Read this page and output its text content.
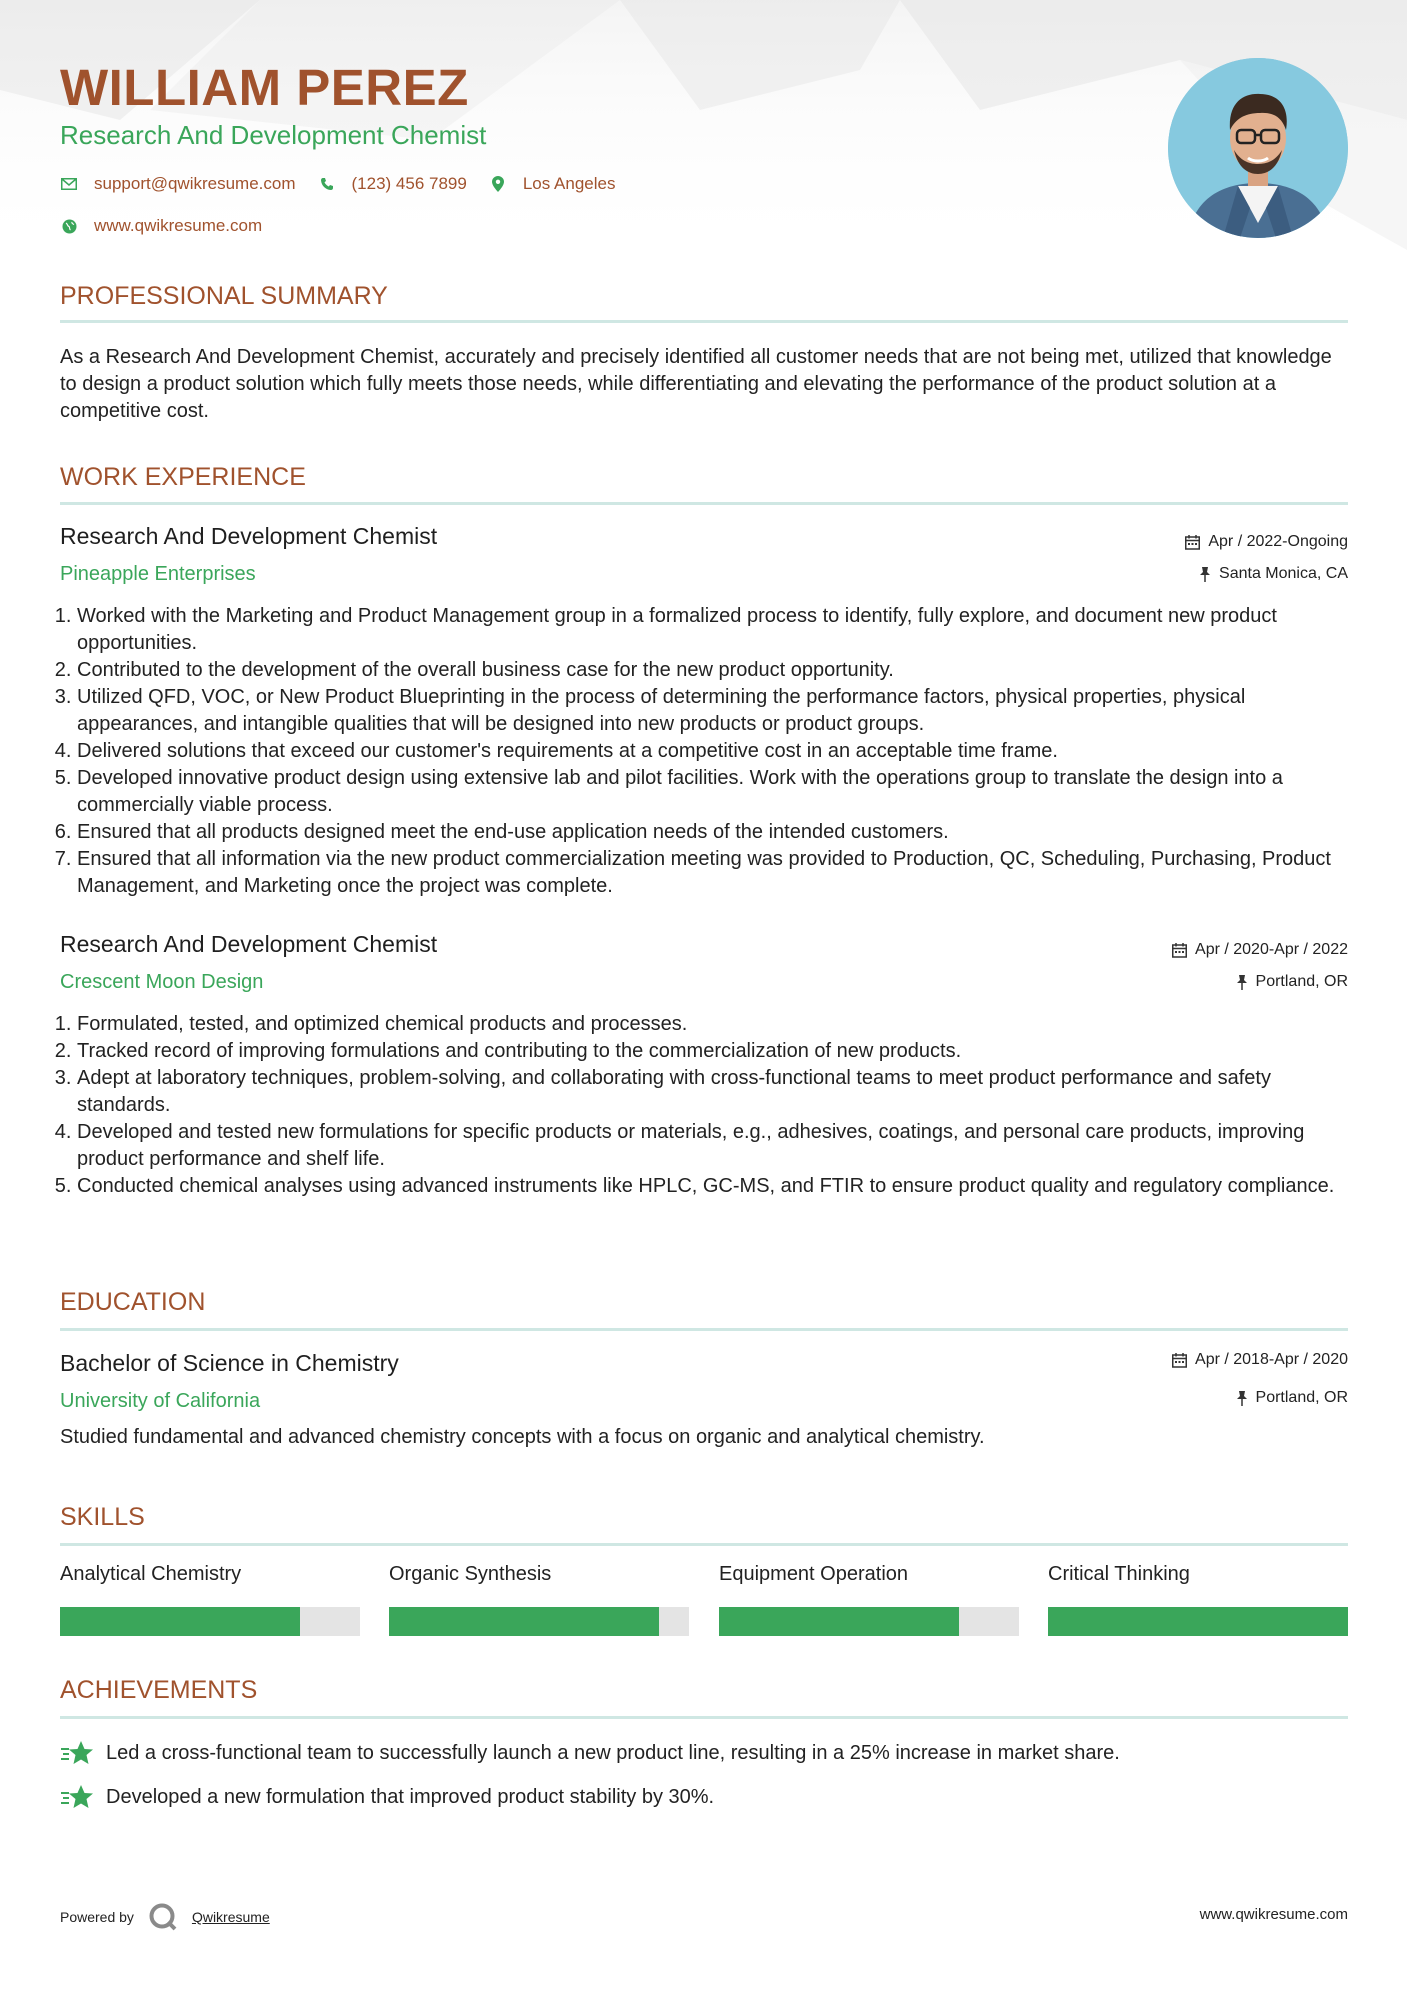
WILLIAM PEREZ
Research And Development Chemist
support@qwikresume.com	(123) 456 7899	Los Angeles
www.qwikresume.com
PROFESSIONAL SUMMARY

As a Research And Development Chemist, accurately and precisely identified all customer needs that are not being met, utilized that knowledge to design a product solution which fully meets those needs, while differentiating and elevating the performance of the product solution at a competitive cost.

WORK EXPERIENCE
Research And Development Chemist
Pineapple Enterprises
Apr / 2022-Ongoing
Santa Monica, CA
1. Worked with the Marketing and Product Management group in a formalized process to identify, fully explore, and document new product opportunities.
2. Contributed to the development of the overall business case for the new product opportunity.
3. Utilized QFD, VOC, or New Product Blueprinting in the process of determining the performance factors, physical properties, physical appearances, and intangible qualities that will be designed into new products or product groups.
4. Delivered solutions that exceed our customer's requirements at a competitive cost in an acceptable time frame.
5. Developed innovative product design using extensive lab and pilot facilities. Work with the operations group to translate the design into a commercially viable process.
6. Ensured that all products designed meet the end-use application needs of the intended customers.
7. Ensured that all information via the new product commercialization meeting was provided to Production, QC, Scheduling, Purchasing, Product Management, and Marketing once the project was complete.
Research And Development Chemist
Crescent Moon Design
Apr / 2020-Apr / 2022
Portland, OR
1. Formulated, tested, and optimized chemical products and processes.
2. Tracked record of improving formulations and contributing to the commercialization of new products.
3. Adept at laboratory techniques, problem-solving, and collaborating with cross-functional teams to meet product performance and safety standards.
4. Developed and tested new formulations for specific products or materials, e.g., adhesives, coatings, and personal care products, improving product performance and shelf life.
5. Conducted chemical analyses using advanced instruments like HPLC, GC-MS, and FTIR to ensure product quality and regulatory compliance.
EDUCATION
Bachelor of Science in Chemistry
University of California
Apr / 2018-Apr / 2020
Portland, OR

Studied fundamental and advanced chemistry concepts with a focus on organic and analytical chemistry.

SKILLS
Analytical Chemistry	Organic Synthesis	Equipment Operation	Critical Thinking
ACHIEVEMENTS
Led a cross-functional team to successfully launch a new product line, resulting in a 25% increase in market share.
Developed a new formulation that improved product stability by 30%.
Powered by	Qwikresume	www.qwikresume.com
